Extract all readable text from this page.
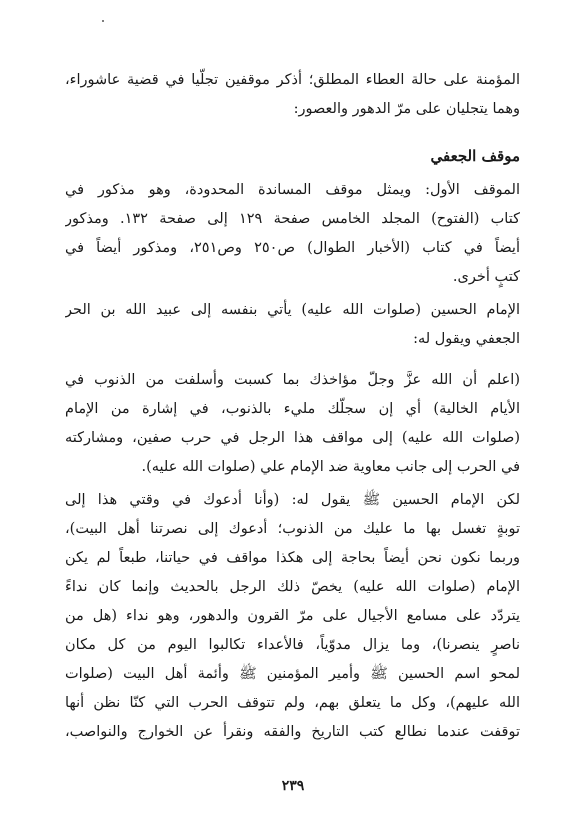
المؤمنة على حالة العطاء المطلق؛ أذكر موقفين تجلّيا في قضية عاشوراء،
وهما يتجليان على مرّ الدهور والعصور:
موقف الجعفي
الموقف الأول: ويمثل موقف المساندة المحدودة، وهو مذكور في
كتاب (الفتوح) المجلد الخامس صفحة ١٢٩ إلى صفحة ١٣٢. ومذكور
أيضاً في كتاب (الأخبار الطوال) ص٢٥٠ وص٢٥١، ومذكور أيضاً في
كتبٍ أخرى.
الإمام الحسين (صلوات الله عليه) يأتي بنفسه إلى عبيد الله بن الحر
الجعفي ويقول له:
(اعلم أن الله عزَّ وجلّ مؤاخذك بما كسبت وأسلفت من الذنوب في
الأيام الخالية) أي إن سجلّك مليء بالذنوب، في إشارة من الإمام
(صلوات الله عليه) إلى مواقف هذا الرجل في حرب صفين، ومشاركته
في الحرب إلى جانب معاوية ضد الإمام علي (صلوات الله عليه).
لكن الإمام الحسين ﷺ يقول له: (وأنا أدعوك في وقتي هذا إلى
توبةٍ تغسل بها ما عليك من الذنوب؛ أدعوك إلى نصرتنا أهل البيت)،
وربما نكون نحن أيضاً بحاجة إلى هكذا مواقف في حياتنا، طبعاً لم يكن
الإمام (صلوات الله عليه) يخصّ ذلك الرجل بالحديث وإنما كان نداءً
يتردّد على مسامع الأجيال على مرّ القرون والدهور، وهو نداء (هل من
ناصرٍ ينصرنا)، وما يزال مدوّياً، فالأعداء تكالبوا اليوم من كل مكان
لمحو اسم الحسين ﷺ وأمير المؤمنين ﷺ وأئمة أهل البيت (صلوات
الله عليهم)، وكل ما يتعلق بهم، ولم تتوقف الحرب التي كنّا نظن أنها
توقفت عندما نطالع كتب التاريخ والفقه ونقرأ عن الخوارج والنواصب،
٢٣٩
